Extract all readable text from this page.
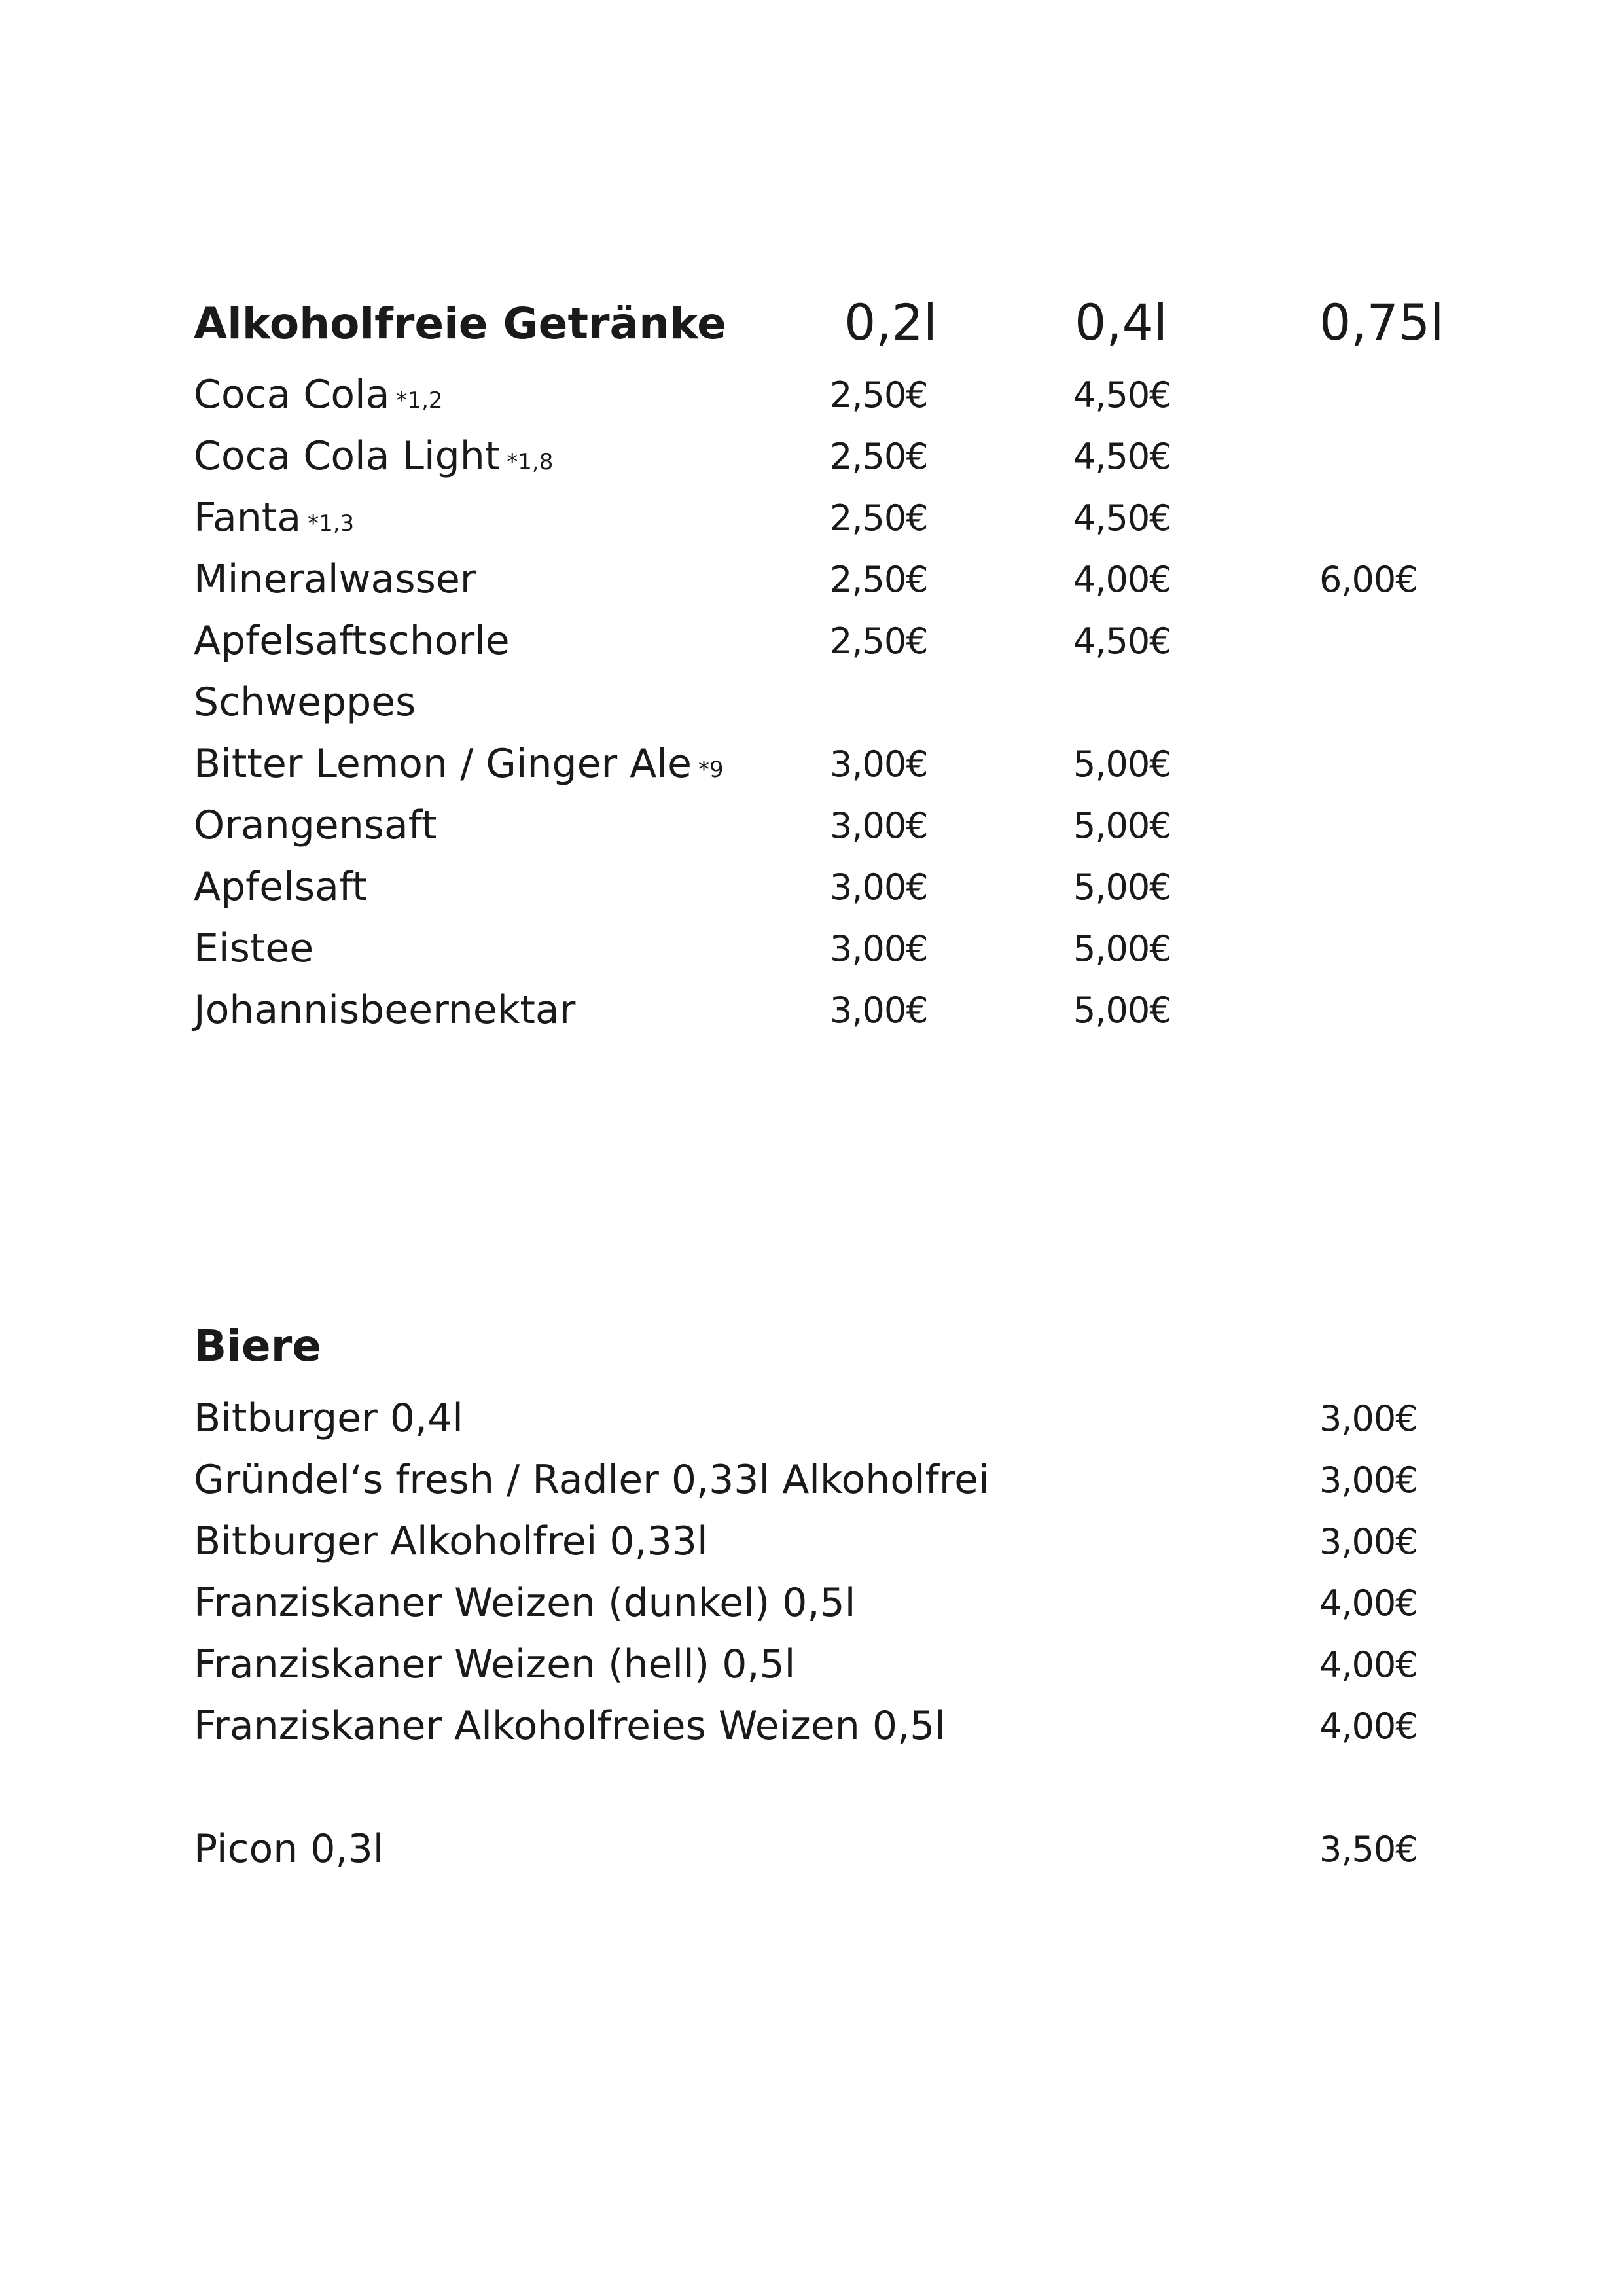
Alkoholfreie Getränke 0,2l	0,4l	0,75l
Coca Cola *1,2	2,50€	4,50€
Coca Cola Light *1,8	2,50€	4,50€
Fanta *1,3	2,50€	4,50€
Mineralwasser	2,50€	4,00€	6,00€
Apfelsaftschorle	2,50€	4,50€
Schweppes
Bitter Lemon / Ginger Ale *9	3,00€	5,00€
Orangensaft	3,00€	5,00€
Apfelsaft	3,00€	5,00€
Eistee	3,00€	5,00€
Johannisbeernektar	3,00€	5,00€
Biere
Bitburger 0,4l	3,00€
Gründel‘s fresh / Radler 0,33l Alkoholfrei	3,00€
Bitburger Alkoholfrei 0,33l	3,00€
Franziskaner Weizen (dunkel) 0,5l	4,00€
Franziskaner Weizen (hell) 0,5l	4,00€
Franziskaner Alkoholfreies Weizen 0,5l	4,00€
Picon 0,3l	3,50€
